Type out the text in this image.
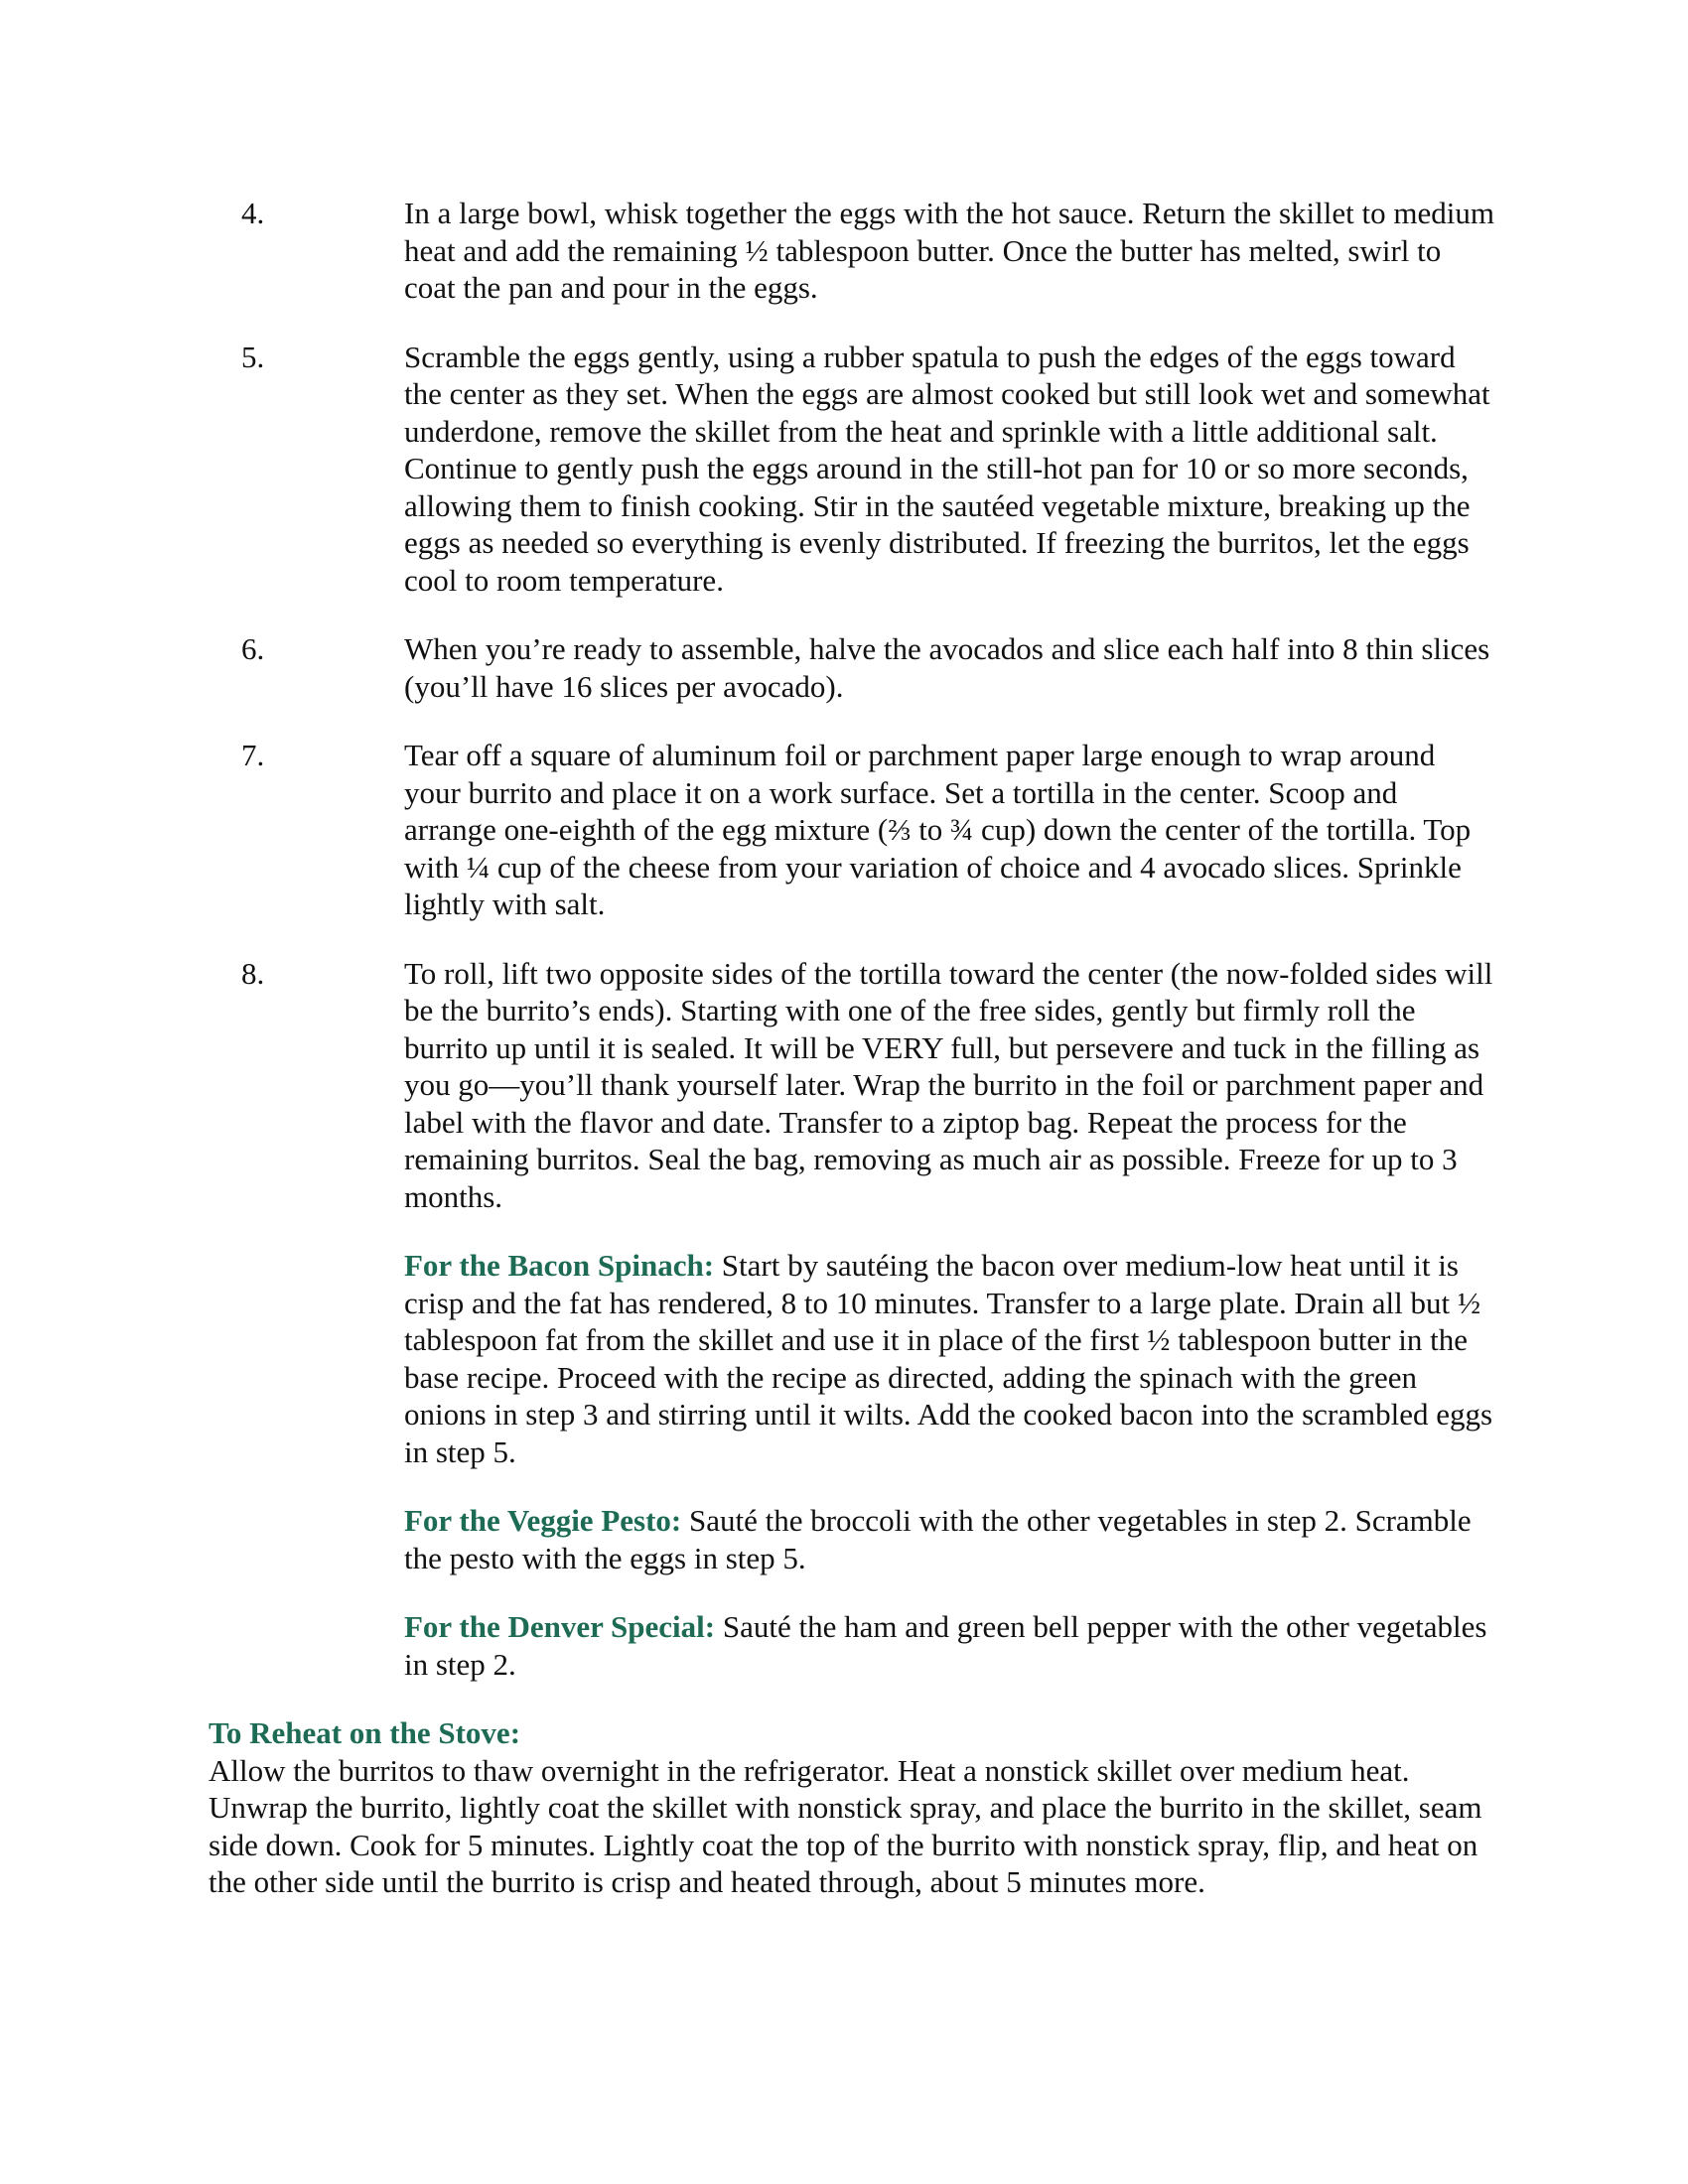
4.	In a large bowl, whisk together the eggs with the hot sauce. Return the skillet to medium heat and add the remaining ½ tablespoon butter. Once the butter has melted, swirl to coat the pan and pour in the eggs.
5.	Scramble the eggs gently, using a rubber spatula to push the edges of the eggs toward the center as they set. When the eggs are almost cooked but still look wet and somewhat underdone, remove the skillet from the heat and sprinkle with a little additional salt. Continue to gently push the eggs around in the still-hot pan for 10 or so more seconds, allowing them to finish cooking. Stir in the sautéed vegetable mixture, breaking up the eggs as needed so everything is evenly distributed. If freezing the burritos, let the eggs cool to room temperature.
6.	When you’re ready to assemble, halve the avocados and slice each half into 8 thin slices (you’ll have 16 slices per avocado).
7.	Tear off a square of aluminum foil or parchment paper large enough to wrap around your burrito and place it on a work surface. Set a tortilla in the center. Scoop and arrange one-eighth of the egg mixture (⅔ to ¾ cup) down the center of the tortilla. Top with ¼ cup of the cheese from your variation of choice and 4 avocado slices. Sprinkle lightly with salt.
8.	To roll, lift two opposite sides of the tortilla toward the center (the now-folded sides will be the burrito’s ends). Starting with one of the free sides, gently but firmly roll the burrito up until it is sealed. It will be VERY full, but persevere and tuck in the filling as you go—you’ll thank yourself later. Wrap the burrito in the foil or parchment paper and label with the flavor and date. Transfer to a ziptop bag. Repeat the process for the remaining burritos. Seal the bag, removing as much air as possible. Freeze for up to 3 months.

For the Bacon Spinach: Start by sautéing the bacon over medium-low heat until it is crisp and the fat has rendered, 8 to 10 minutes. Transfer to a large plate. Drain all but ½ tablespoon fat from the skillet and use it in place of the first ½ tablespoon butter in the base recipe. Proceed with the recipe as directed, adding the spinach with the green onions in step 3 and stirring until it wilts. Add the cooked bacon into the scrambled eggs in step 5.

For the Veggie Pesto: Sauté the broccoli with the other vegetables in step 2. Scramble the pesto with the eggs in step 5.

For the Denver Special: Sauté the ham and green bell pepper with the other vegetables in step 2.

To Reheat on the Stove:

Allow the burritos to thaw overnight in the refrigerator. Heat a nonstick skillet over medium heat. Unwrap the burrito, lightly coat the skillet with nonstick spray, and place the burrito in the skillet, seam side down. Cook for 5 minutes. Lightly coat the top of the burrito with nonstick spray, flip, and heat on the other side until the burrito is crisp and heated through, about 5 minutes more.
